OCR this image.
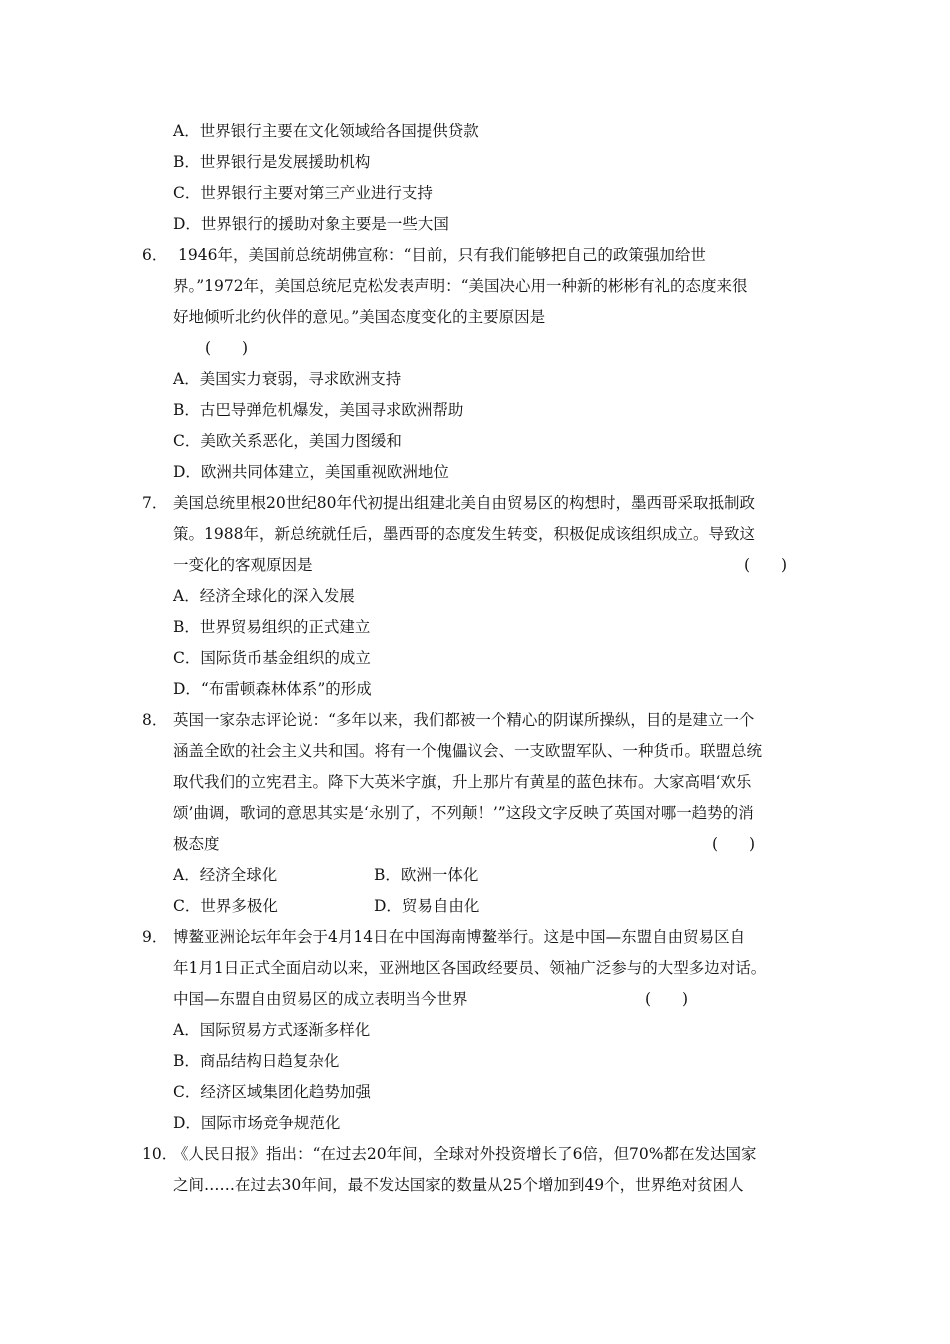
A．世界银行主要在文化领域给各国提供贷款
B．世界银行是发展援助机构
C．世界银行主要对第三产业进行支持
D．世界银行的援助对象主要是一些大国
6． 1946年，美国前总统胡佛宣称：“目前，只有我们能够把自己的政策强加给世
界。”1972年，美国总统尼克松发表声明：“美国决心用一种新的彬彬有礼的态度来很
好地倾听北约伙伴的意见。”美国态度变化的主要原因是
(　　)
A．美国实力衰弱，寻求欧洲支持
B．古巴导弹危机爆发，美国寻求欧洲帮助
C．美欧关系恶化，美国力图缓和
D．欧洲共同体建立，美国重视欧洲地位
7． 美国总统里根20世纪80年代初提出组建北美自由贸易区的构想时，墨西哥采取抵制政
策。1988年，新总统就任后，墨西哥的态度发生转变，积极促成该组织成立。导致这
一变化的客观原因是	(　　)
A．经济全球化的深入发展
B．世界贸易组织的正式建立
C．国际货币基金组织的成立
D．“布雷顿森林体系”的形成
8． 英国一家杂志评论说：“多年以来，我们都被一个精心的阴谋所操纵，目的是建立一个
涵盖全欧的社会主义共和国。将有一个傀儡议会、一支欧盟军队、一种货币。联盟总统
取代我们的立宪君主。降下大英米字旗，升上那片有黄星的蓝色抹布。大家高唱‘欢乐
颂’曲调，歌词的意思其实是‘永别了，不列颠！’”这段文字反映了英国对哪一趋势的消
极态度	(　　)
A．经济全球化	B．欧洲一体化
C．世界多极化	D．贸易自由化
9． 博鳌亚洲论坛年年会于4月14日在中国海南博鳌举行。这是中国—东盟自由贸易区自
年1月1日正式全面启动以来，亚洲地区各国政经要员、领袖广泛参与的大型多边对话。
中国—东盟自由贸易区的成立表明当今世界	(　　)
A．国际贸易方式逐渐多样化
B．商品结构日趋复杂化
C．经济区域集团化趋势加强
D．国际市场竞争规范化
10．
《人民日报》指出：“在过去20年间，全球对外投资增长了6倍，但70%都在发达国家
之间……在过去30年间，最不发达国家的数量从25个增加到49个，世界绝对贫困人
